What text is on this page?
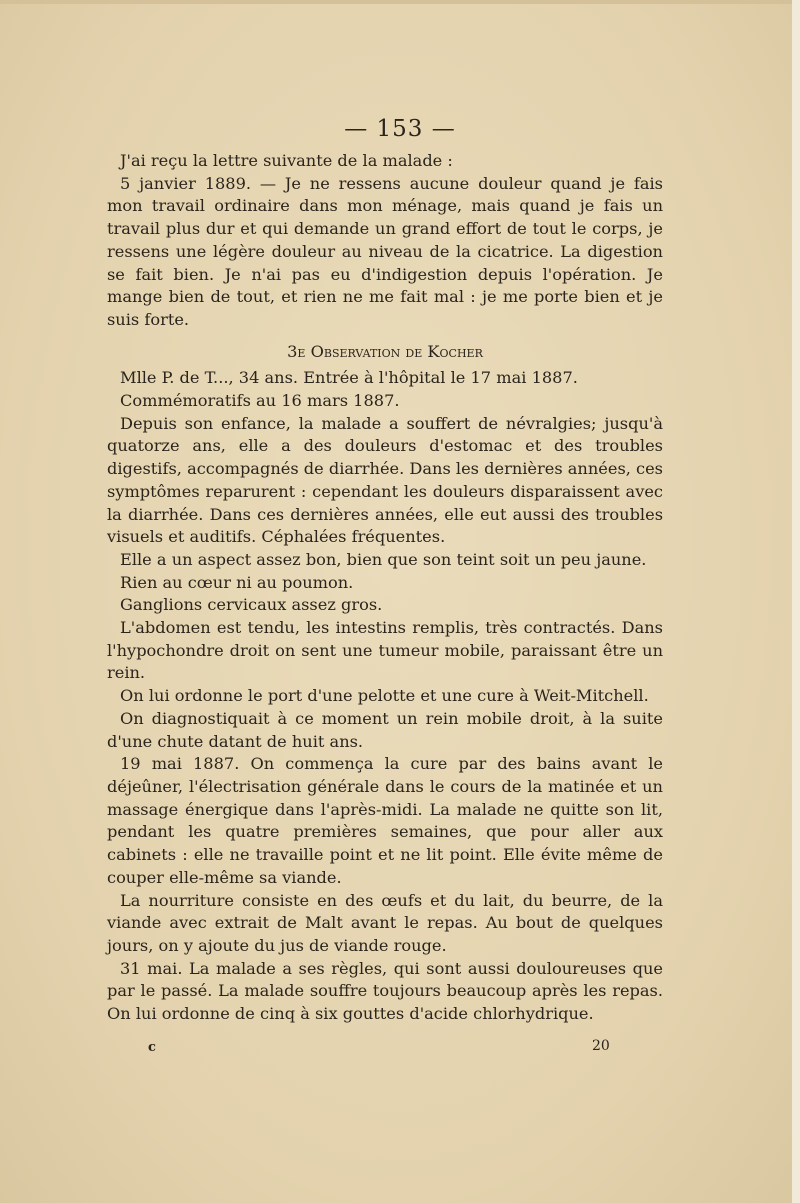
— 153 —

J'ai reçu la lettre suivante de la malade :

5 janvier 1889. — Je ne ressens aucune douleur quand je fais mon travail ordinaire dans mon ménage, mais quand je fais un travail plus dur et qui demande un grand effort de tout le corps, je ressens une légère douleur au niveau de la cicatrice. La digestion se fait bien. Je n'ai pas eu d'indigestion depuis l'opération. Je mange bien de tout, et rien ne me fait mal : je me porte bien et je suis forte.

3e Observation de Kocher

Mlle P. de T..., 34 ans. Entrée à l'hôpital le 17 mai 1887.

Commémoratifs au 16 mars 1887.

Depuis son enfance, la malade a souffert de névralgies; jusqu'à quatorze ans, elle a des douleurs d'estomac et des troubles digestifs, accompagnés de diarrhée. Dans les dernières années, ces symptômes reparurent : cependant les douleurs disparaissent avec la diarrhée. Dans ces dernières années, elle eut aussi des troubles visuels et auditifs. Céphalées fréquentes.

Elle a un aspect assez bon, bien que son teint soit un peu jaune.

Rien au cœur ni au poumon.

Ganglions cervicaux assez gros.

L'abdomen est tendu, les intestins remplis, très contractés. Dans l'hypochondre droit on sent une tumeur mobile, paraissant être un rein.

On lui ordonne le port d'une pelotte et une cure à Weit-Mitchell.

On diagnostiquait à ce moment un rein mobile droit, à la suite d'une chute datant de huit ans.

19 mai 1887. On commença la cure par des bains avant le déjeûner, l'électrisation générale dans le cours de la matinée et un massage énergique dans l'après-midi. La malade ne quitte son lit, pendant les quatre premières semaines, que pour aller aux cabinets : elle ne travaille point et ne lit point. Elle évite même de couper elle-même sa viande.

La nourriture consiste en des œufs et du lait, du beurre, de la viande avec extrait de Malt avant le repas. Au bout de quelques jours, on y ajoute du jus de viande rouge.

31 mai. La malade a ses règles, qui sont aussi douloureuses que par le passé. La malade souffre toujours beaucoup après les repas. On lui ordonne de cinq à six gouttes d'acide chlorhydrique.

c	20
